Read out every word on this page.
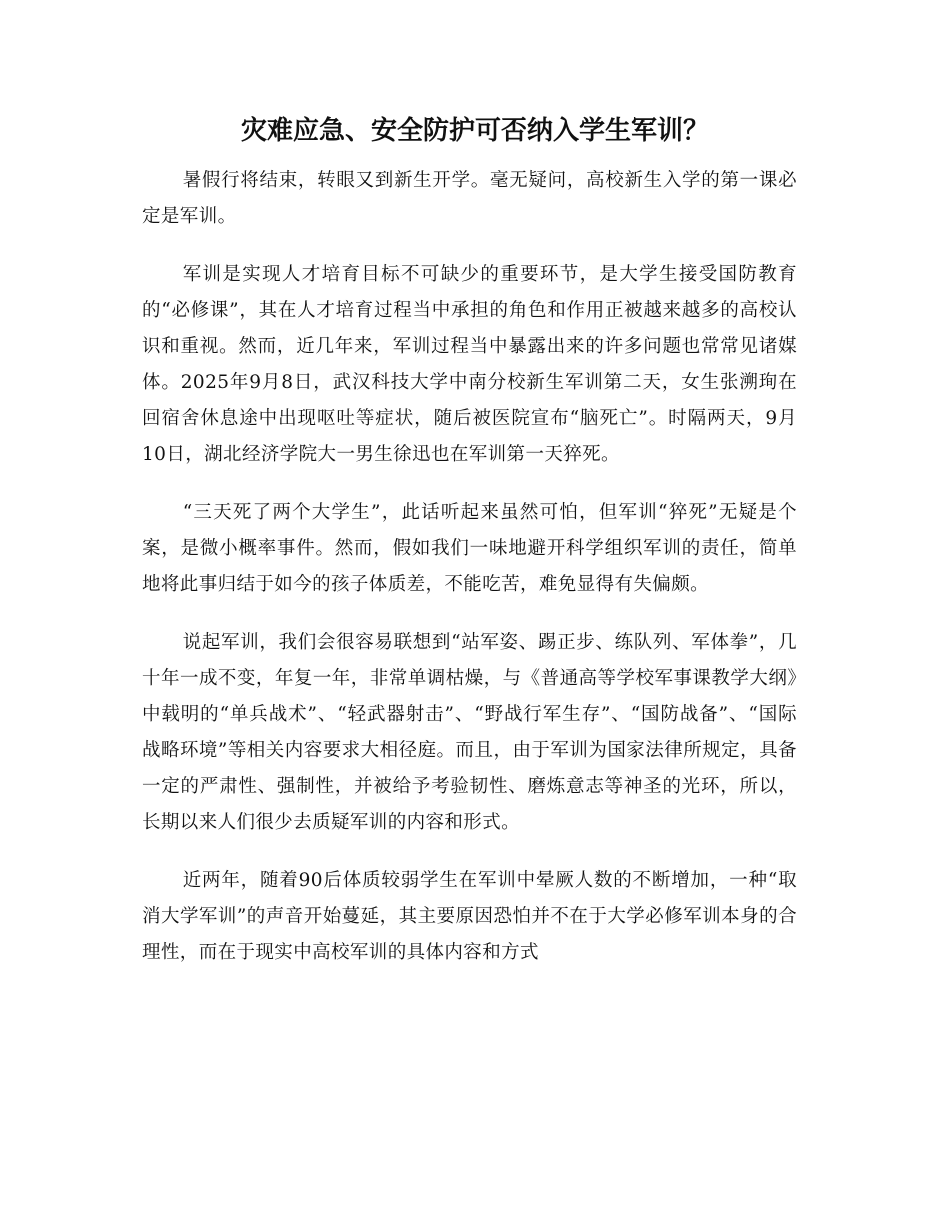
灾难应急、安全防护可否纳入学生军训？

暑假行将结束，转眼又到新生开学。毫无疑问，高校新生入学的第一课必定是军训。

军训是实现人才培育目标不可缺少的重要环节，是大学生接受国防教育的“必修课”，其在人才培育过程当中承担的角色和作用正被越来越多的高校认识和重视。然而，近几年来，军训过程当中暴露出来的许多问题也常常见诸媒体。2025年9月8日，武汉科技大学中南分校新生军训第二天，女生张溯珣在回宿舍休息途中出现呕吐等症状，随后被医院宣布“脑死亡”。时隔两天，9月10日，湖北经济学院大一男生徐迅也在军训第一天猝死。

“三天死了两个大学生”，此话听起来虽然可怕，但军训“猝死”无疑是个案，是微小概率事件。然而，假如我们一味地避开科学组织军训的责任，简单地将此事归结于如今的孩子体质差，不能吃苦，难免显得有失偏颇。

说起军训，我们会很容易联想到“站军姿、踢正步、练队列、军体拳”，几十年一成不变，年复一年，非常单调枯燥，与《普通高等学校军事课教学大纲》中载明的“单兵战术”、“轻武器射击”、“野战行军生存”、“国防战备”、“国际战略环境”等相关内容要求大相径庭。而且，由于军训为国家法律所规定，具备一定的严肃性、强制性，并被给予考验韧性、磨炼意志等神圣的光环，所以，长期以来人们很少去质疑军训的内容和形式。

近两年，随着90后体质较弱学生在军训中晕厥人数的不断增加，一种“取消大学军训”的声音开始蔓延，其主要原因恐怕并不在于大学必修军训本身的合理性，而在于现实中高校军训的具体内容和方式
